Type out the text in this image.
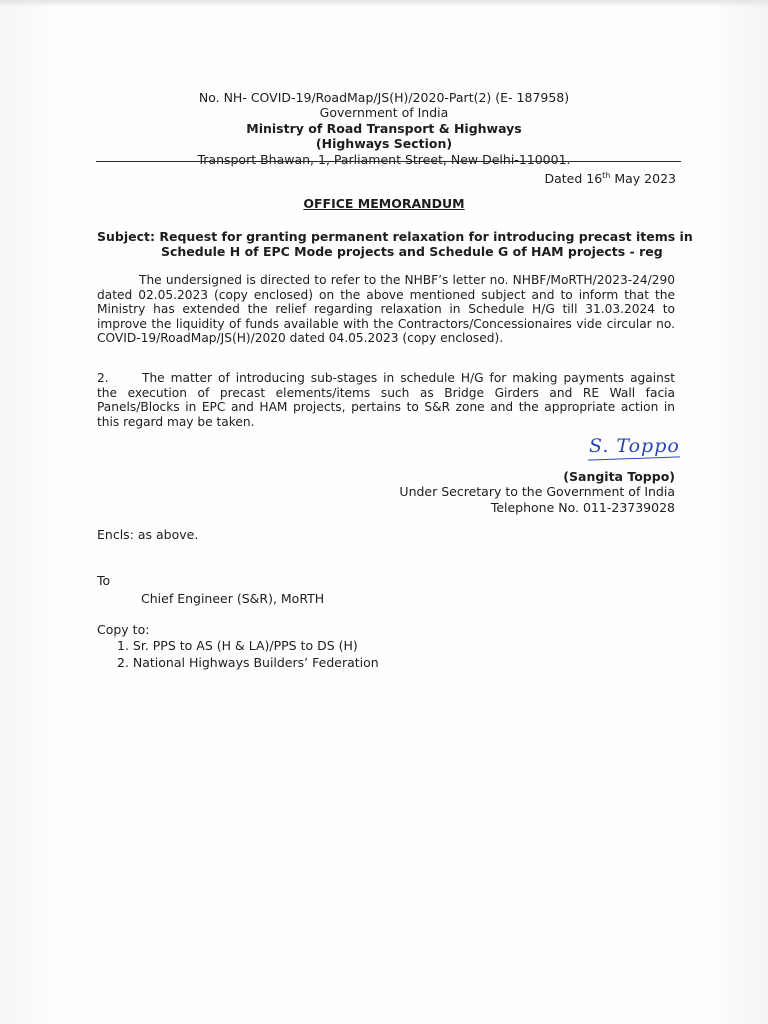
No. NH- COVID-19/RoadMap/JS(H)/2020-Part(2) (E- 187958)
Government of India
Ministry of Road Transport & Highways
(Highways Section)
Transport Bhawan, 1, Parliament Street, New Delhi-110001.
Dated 16th May 2023
OFFICE MEMORANDUM
Subject: Request for granting permanent relaxation for introducing precast items in
Schedule H of EPC Mode projects and Schedule G of HAM projects - reg

The undersigned is directed to refer to the NHBF’s letter no. NHBF/MoRTH/2023-24/290 dated 02.05.2023 (copy enclosed) on the above mentioned subject and to inform that the Ministry has extended the relief regarding relaxation in Schedule H/G till 31.03.2024 to improve the liquidity of funds available with the Contractors/Concessionaires vide circular no. COVID-19/RoadMap/JS(H)/2020 dated 04.05.2023 (copy enclosed).

2.	The matter of introducing sub-stages in schedule H/G for making payments against the execution of precast elements/items such as Bridge Girders and RE Wall facia Panels/Blocks in EPC and HAM projects, pertains to S&R zone and the appropriate action in this regard may be taken.

S. Toppo
(Sangita Toppo)
Under Secretary to the Government of India
Telephone No. 011-23739028
Encls: as above.
To
Chief Engineer (S&R), MoRTH
Copy to:
1. Sr. PPS to AS (H & LA)/PPS to DS (H)
2. National Highways Builders’ Federation
